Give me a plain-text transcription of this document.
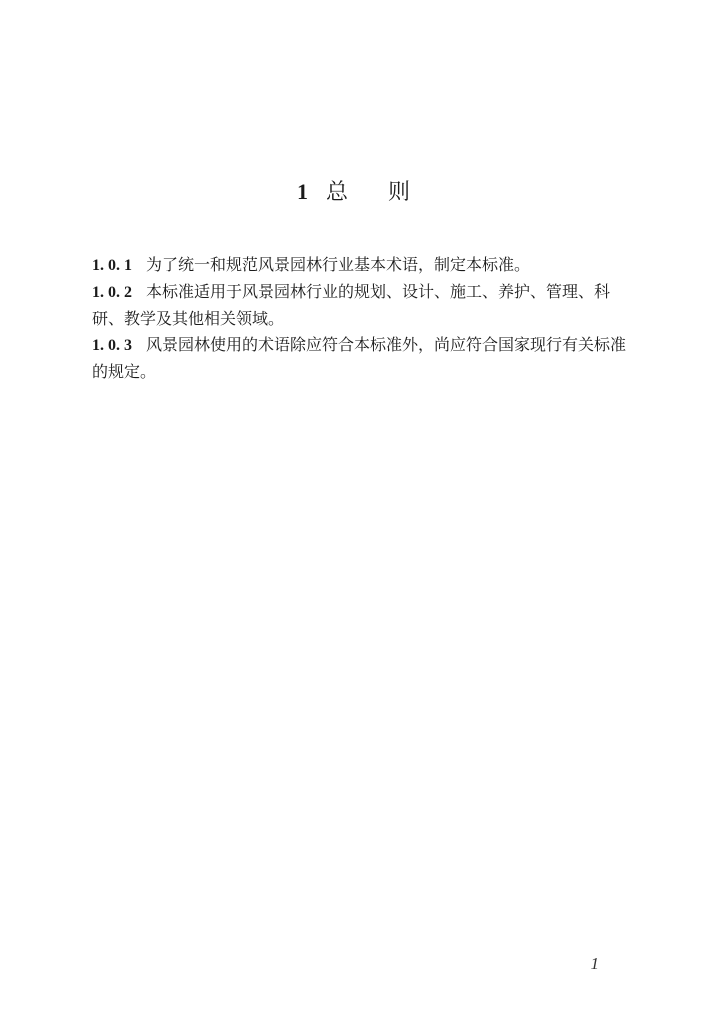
1 总 则

1. 0. 1 为了统一和规范风景园林行业基本术语，制定本标准。

1. 0. 2 本标准适用于风景园林行业的规划、设计、施工、养护、管理、科研、教学及其他相关领域。

1. 0. 3 风景园林使用的术语除应符合本标准外，尚应符合国家现行有关标准的规定。

1
